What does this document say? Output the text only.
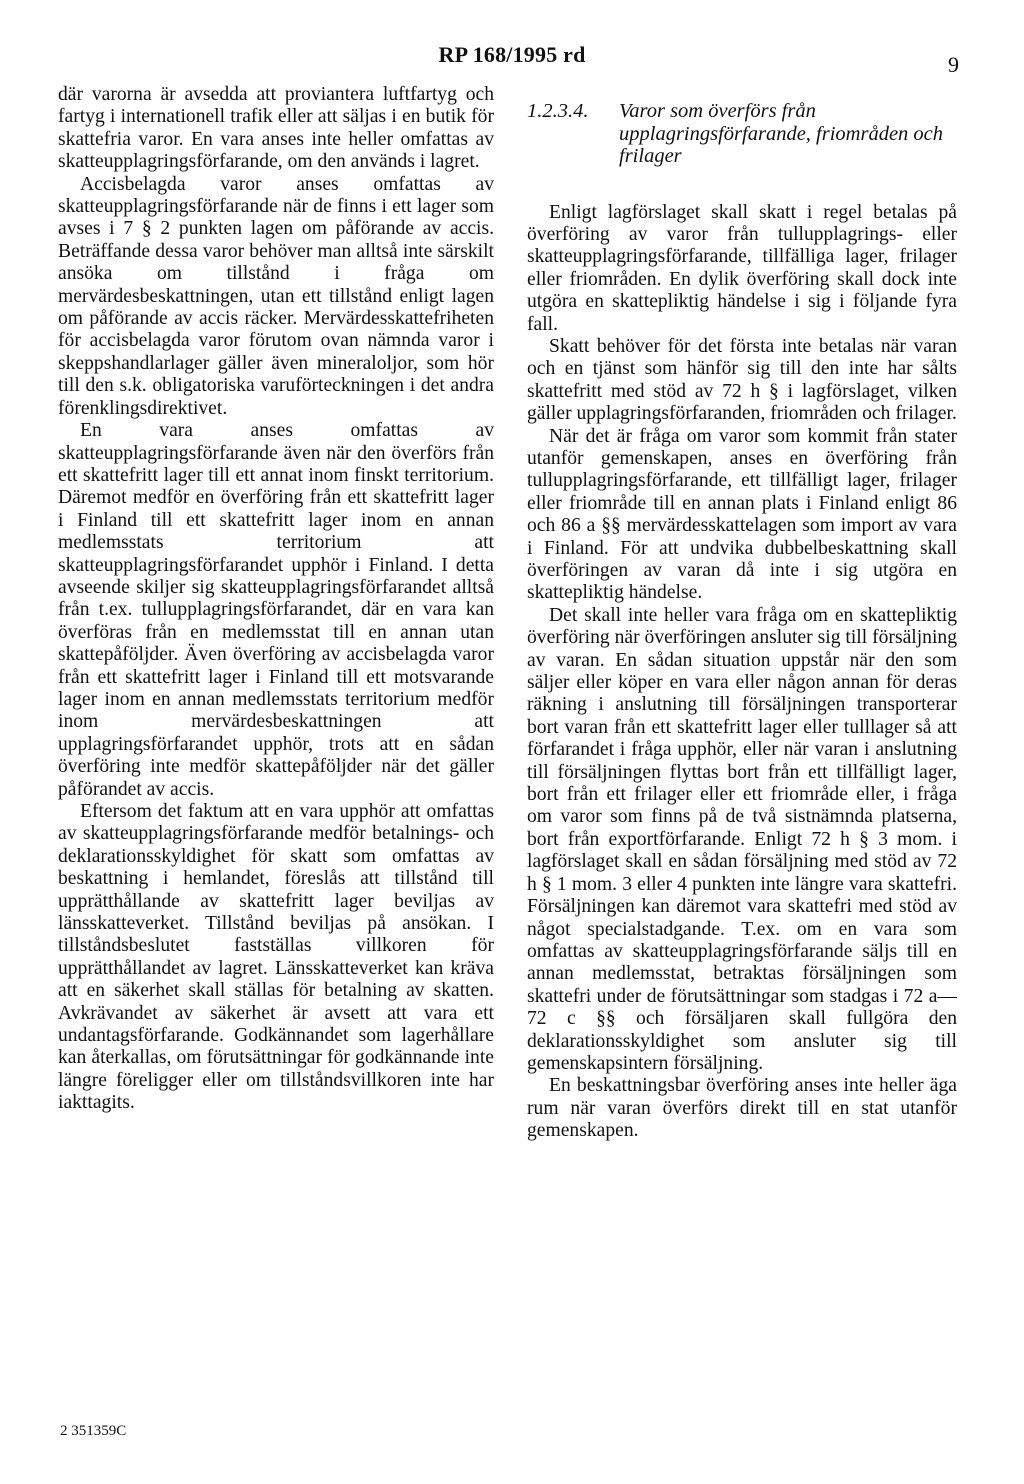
RP 168/1995 rd	9

där varorna är avsedda att proviantera luftfartyg och fartyg i internationell trafik eller att säljas i en butik för skattefria varor. En vara anses inte heller omfattas av skatteupplagringsförfarande, om den används i lagret.

Accisbelagda varor anses omfattas av skatteupplagringsförfarande när de finns i ett lager som avses i 7 § 2 punkten lagen om påförande av accis. Beträffande dessa varor behöver man alltså inte särskilt ansöka om tillstånd i fråga om mervärdesbeskattningen, utan ett tillstånd enligt lagen om påförande av accis räcker. Mervärdesskattefriheten för accisbelagda varor förutom ovan nämnda varor i skeppshandlarlager gäller även mineraloljor, som hör till den s.k. obligatoriska varuförteckningen i det andra förenklingsdirektivet.

En vara anses omfattas av skatteupplagringsförfarande även när den överförs från ett skattefritt lager till ett annat inom finskt territorium. Däremot medför en överföring från ett skattefritt lager i Finland till ett skattefritt lager inom en annan medlemsstats territorium att skatteupplagringsförfarandet upphör i Finland. I detta avseende skiljer sig skatteupplagringsförfarandet alltså från t.ex. tullupplagringsförfarandet, där en vara kan överföras från en medlemsstat till en annan utan skattepåföljder. Även överföring av accisbelagda varor från ett skattefritt lager i Finland till ett motsvarande lager inom en annan medlemsstats territorium medför inom mervärdesbeskattningen att upplagringsförfarandet upphör, trots att en sådan överföring inte medför skattepåföljder när det gäller påförandet av accis.

Eftersom det faktum att en vara upphör att omfattas av skatteupplagringsförfarande medför betalnings- och deklarationsskyldighet för skatt som omfattas av beskattning i hemlandet, föreslås att tillstånd till upprätthållande av skattefritt lager beviljas av länsskatteverket. Tillstånd beviljas på ansökan. I tillståndsbeslutet fastställas villkoren för upprätthållandet av lagret. Länsskatteverket kan kräva att en säkerhet skall ställas för betalning av skatten. Avkrävandet av säkerhet är avsett att vara ett undantagsförfarande. Godkännandet som lagerhållare kan återkallas, om förutsättningar för godkännande inte längre föreligger eller om tillståndsvillkoren inte har iakttagits.

1.2.3.4.	Varor som överförs från upplagringsförfarande, friområden och frilager

Enligt lagförslaget skall skatt i regel betalas på överföring av varor från tullupplagrings- eller skatteupplagringsförfarande, tillfälliga lager, frilager eller friområden. En dylik överföring skall dock inte utgöra en skattepliktig händelse i sig i följande fyra fall.

Skatt behöver för det första inte betalas när varan och en tjänst som hänför sig till den inte har sålts skattefritt med stöd av 72 h § i lagförslaget, vilken gäller upplagringsförfaranden, friområden och frilager.

När det är fråga om varor som kommit från stater utanför gemenskapen, anses en överföring från tullupplagringsförfarande, ett tillfälligt lager, frilager eller friområde till en annan plats i Finland enligt 86 och 86 a §§ mervärdesskattelagen som import av vara i Finland. För att undvika dubbelbeskattning skall överföringen av varan då inte i sig utgöra en skattepliktig händelse.

Det skall inte heller vara fråga om en skattepliktig överföring när överföringen ansluter sig till försäljning av varan. En sådan situation uppstår när den som säljer eller köper en vara eller någon annan för deras räkning i anslutning till försäljningen transporterar bort varan från ett skattefritt lager eller tulllager så att förfarandet i fråga upphör, eller när varan i anslutning till försäljningen flyttas bort från ett tillfälligt lager, bort från ett frilager eller ett friområde eller, i fråga om varor som finns på de två sistnämnda platserna, bort från exportförfarande. Enligt 72 h § 3 mom. i lagförslaget skall en sådan försäljning med stöd av 72 h § 1 mom. 3 eller 4 punkten inte längre vara skattefri. Försäljningen kan däremot vara skattefri med stöd av något specialstadgande. T.ex. om en vara som omfattas av skatteupplagringsförfarande säljs till en annan medlemsstat, betraktas försäljningen som skattefri under de förutsättningar som stadgas i 72 a—72 c §§ och försäljaren skall fullgöra den deklarationsskyldighet som ansluter sig till gemenskapsintern försäljning.

En beskattningsbar överföring anses inte heller äga rum när varan överförs direkt till en stat utanför gemenskapen.

2 351359C
